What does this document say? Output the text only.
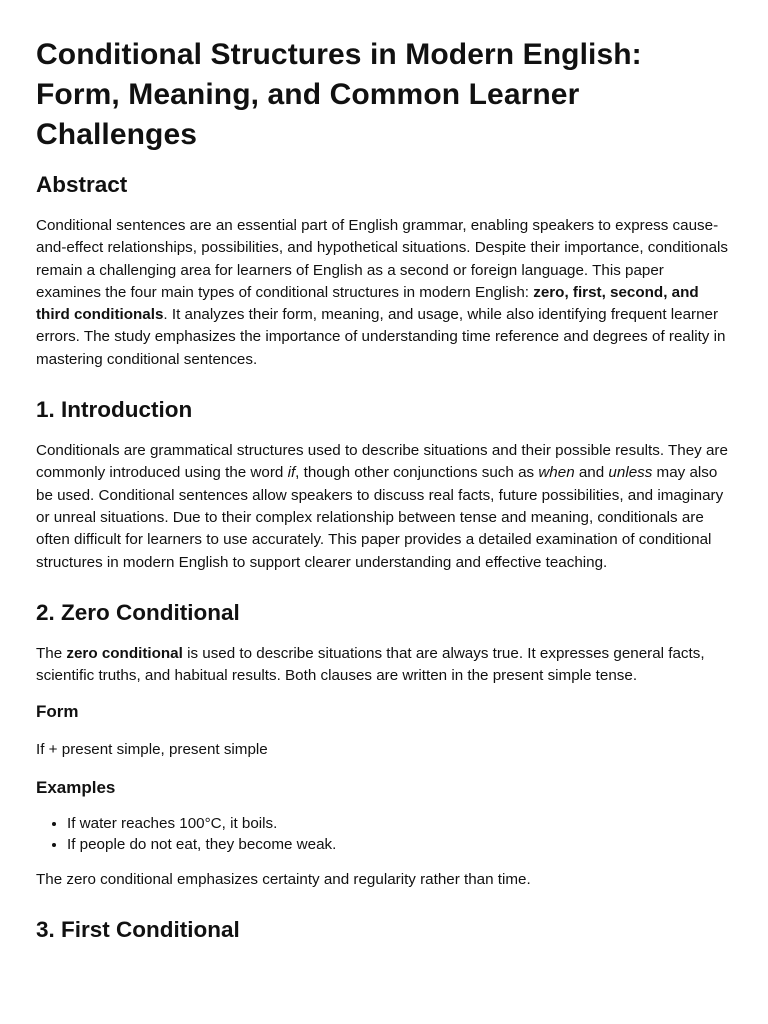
Conditional Structures in Modern English: Form, Meaning, and Common Learner Challenges
Abstract

Conditional sentences are an essential part of English grammar, enabling speakers to express cause-and-effect relationships, possibilities, and hypothetical situations. Despite their importance, conditionals remain a challenging area for learners of English as a second or foreign language. This paper examines the four main types of conditional structures in modern English: zero, first, second, and third conditionals. It analyzes their form, meaning, and usage, while also identifying frequent learner errors. The study emphasizes the importance of understanding time reference and degrees of reality in mastering conditional sentences.

1. Introduction

Conditionals are grammatical structures used to describe situations and their possible results. They are commonly introduced using the word if, though other conjunctions such as when and unless may also be used. Conditional sentences allow speakers to discuss real facts, future possibilities, and imaginary or unreal situations. Due to their complex relationship between tense and meaning, conditionals are often difficult for learners to use accurately. This paper provides a detailed examination of conditional structures in modern English to support clearer understanding and effective teaching.

2. Zero Conditional

The zero conditional is used to describe situations that are always true. It expresses general facts, scientific truths, and habitual results. Both clauses are written in the present simple tense.

Form

If + present simple, present simple

Examples
• If water reaches 100°C, it boils.
• If people do not eat, they become weak.

The zero conditional emphasizes certainty and regularity rather than time.

3. First Conditional
